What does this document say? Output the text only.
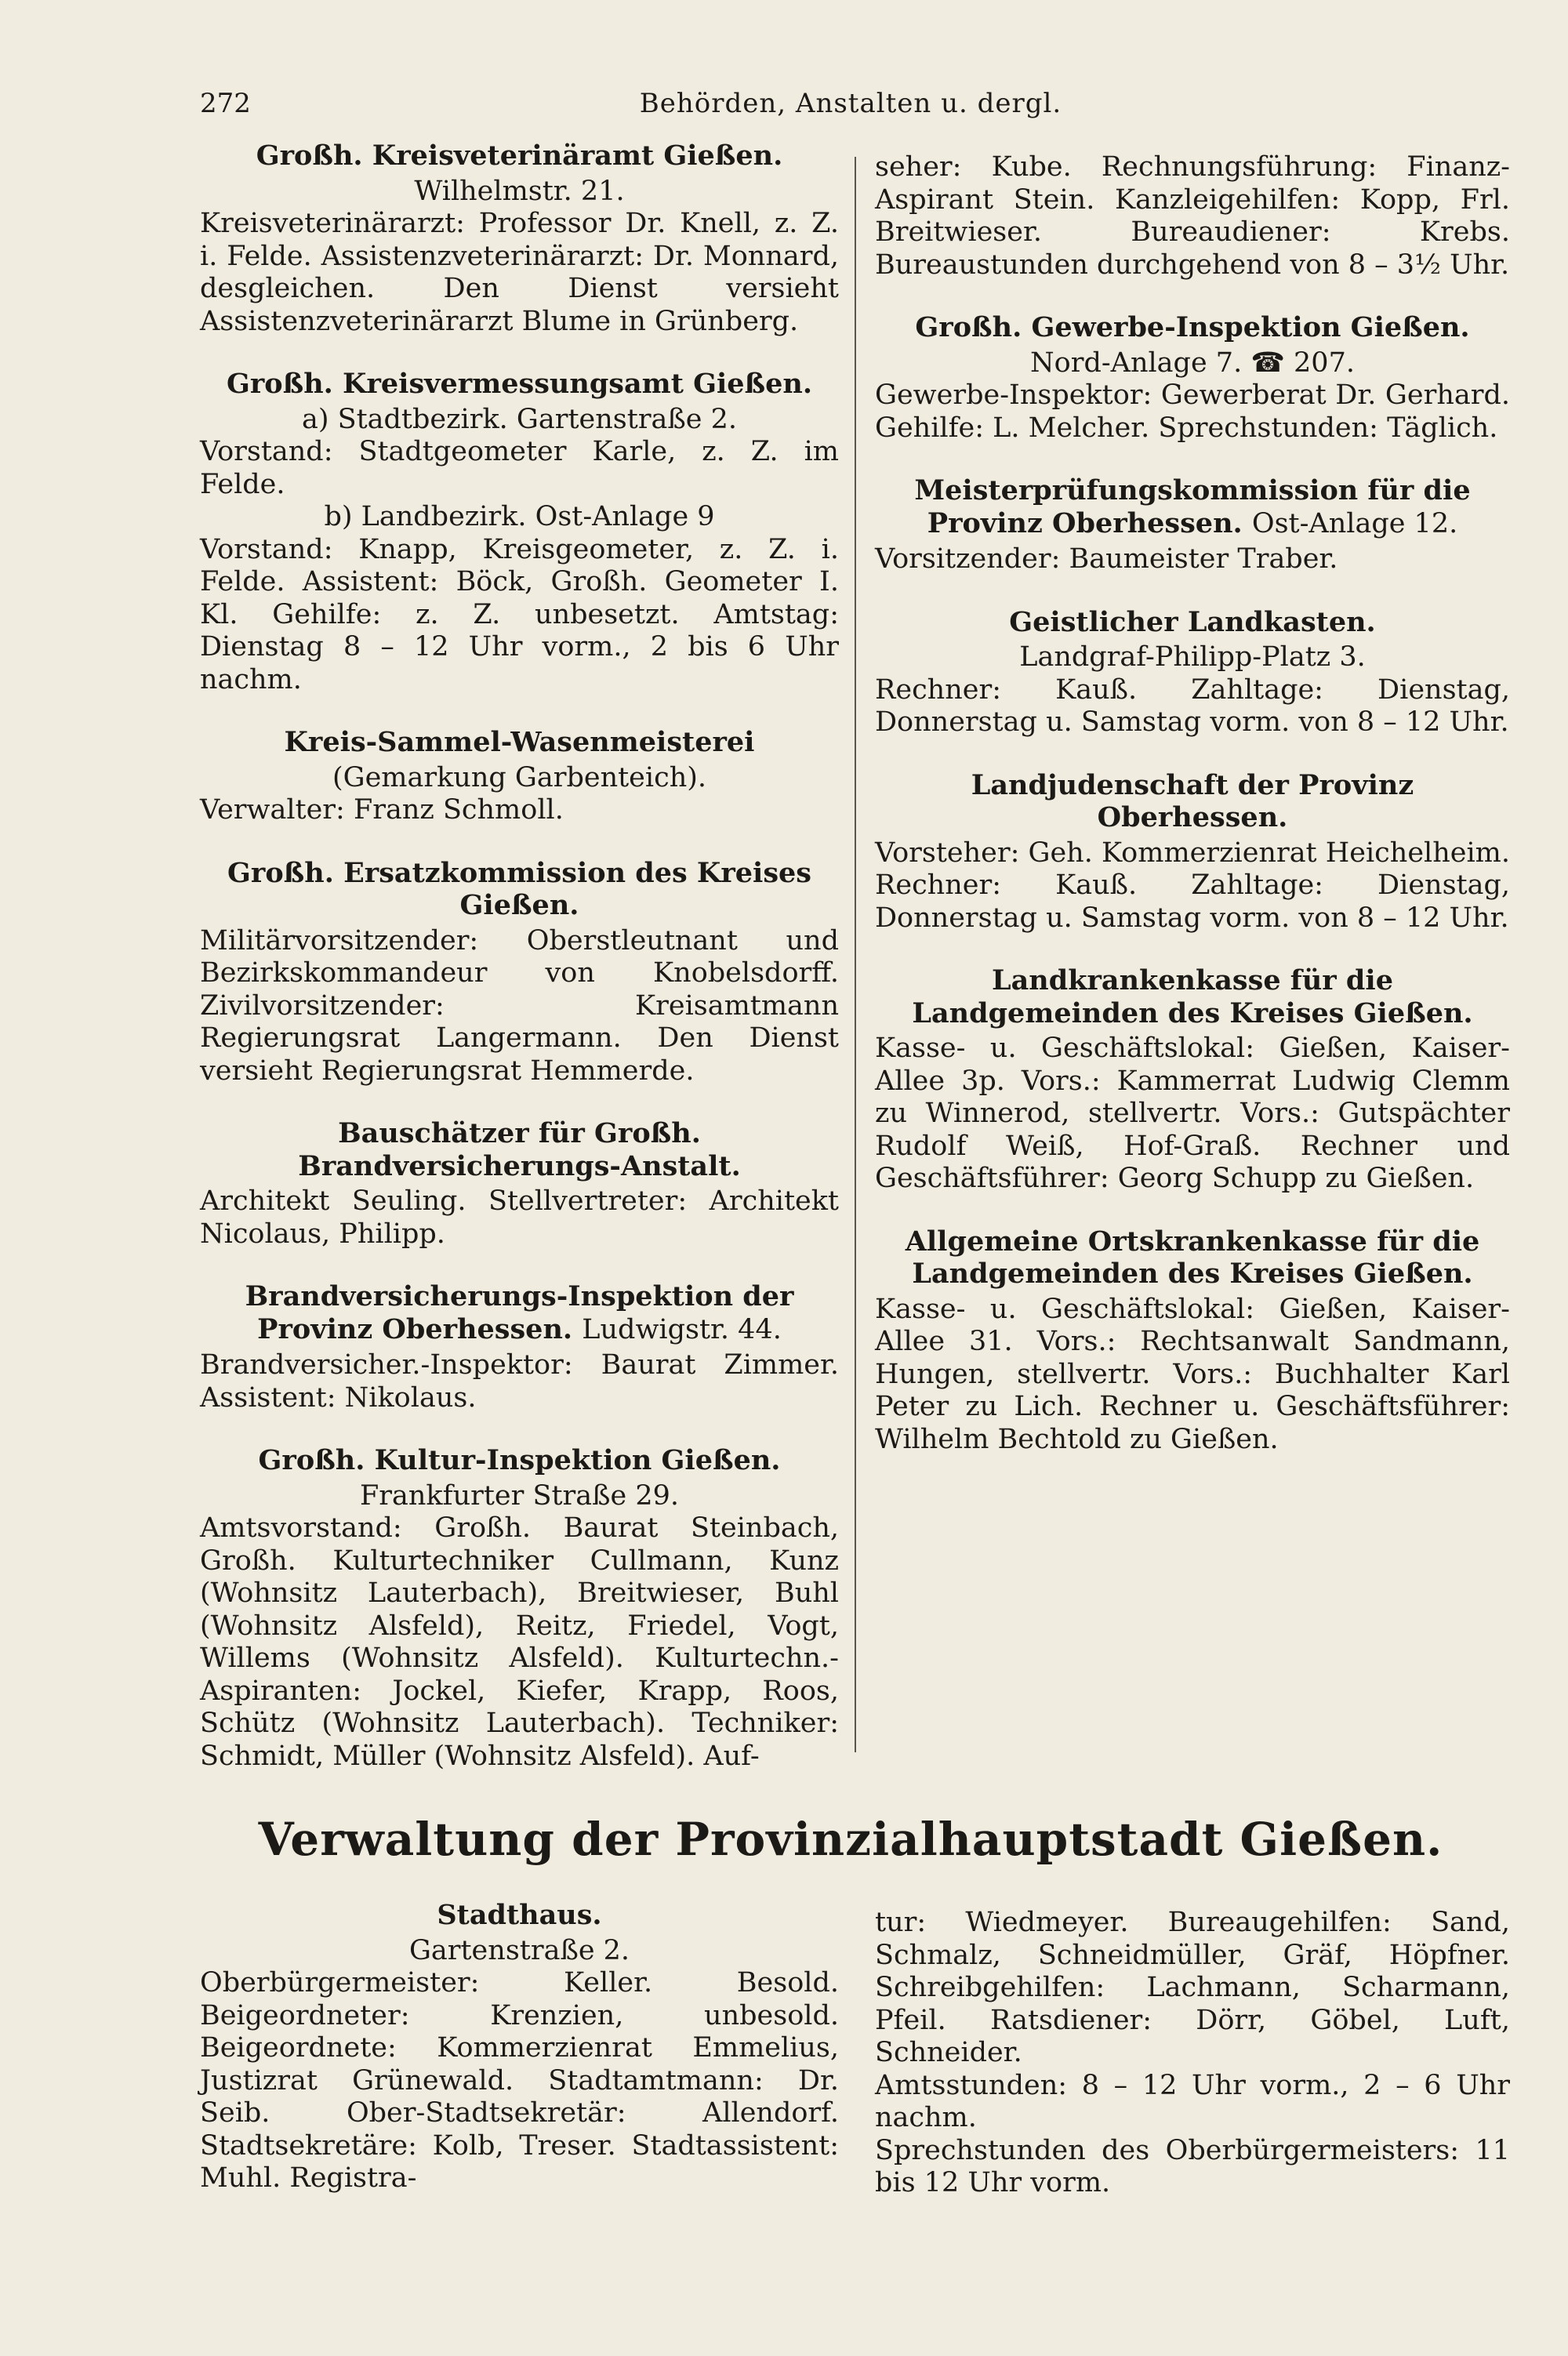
272	Behörden, Anstalten u. dergl.
Großh. Kreisveterinäramt Gießen.
Wilhelmstr. 21.

Kreisveterinärarzt: Professor Dr. Knell, z. Z. i. Felde. Assistenzveterinärarzt: Dr. Monnard, desgleichen. Den Dienst versieht Assistenzveterinärarzt Blume in Grünberg.

Großh. Kreisvermessungsamt Gießen.
a) Stadtbezirk. Gartenstraße 2.

Vorstand: Stadtgeometer Karle, z. Z. im Felde.

b) Landbezirk. Ost-Anlage 9

Vorstand: Knapp, Kreisgeometer, z. Z. i. Felde. Assistent: Böck, Großh. Geometer I. Kl. Gehilfe: z. Z. unbesetzt. Amtstag: Dienstag 8 – 12 Uhr vorm., 2 bis 6 Uhr nachm.

Kreis-Sammel-Wasenmeisterei
(Gemarkung Garbenteich).

Verwalter: Franz Schmoll.

Großh. Ersatzkommission des Kreises Gießen.

Militärvorsitzender: Oberstleutnant und Bezirkskommandeur von Knobelsdorff. Zivilvorsitzender: Kreisamtmann Regierungsrat Langermann. Den Dienst versieht Regierungsrat Hemmerde.

Bauschätzer für Großh. Brandversicherungs-Anstalt.

Architekt Seuling. Stellvertreter: Architekt Nicolaus, Philipp.

Brandversicherungs-Inspektion der Provinz Oberhessen. Ludwigstr. 44.

Brandversicher.-Inspektor: Baurat Zimmer. Assistent: Nikolaus.

Großh. Kultur-Inspektion Gießen.
Frankfurter Straße 29.

Amtsvorstand: Großh. Baurat Steinbach, Großh. Kulturtechniker Cullmann, Kunz (Wohnsitz Lauterbach), Breitwieser, Buhl (Wohnsitz Alsfeld), Reitz, Friedel, Vogt, Willems (Wohnsitz Alsfeld). Kulturtechn.-Aspiranten: Jockel, Kiefer, Krapp, Roos, Schütz (Wohnsitz Lauterbach). Techniker: Schmidt, Müller (Wohnsitz Alsfeld). Auf-

seher: Kube. Rechnungsführung: Finanz-Aspirant Stein. Kanzleigehilfen: Kopp, Frl. Breitwieser. Bureaudiener: Krebs. Bureaustunden durchgehend von 8 – 3½ Uhr.

Großh. Gewerbe-Inspektion Gießen.
Nord-Anlage 7. ☎ 207.

Gewerbe-Inspektor: Gewerberat Dr. Gerhard. Gehilfe: L. Melcher. Sprechstunden: Täglich.

Meisterprüfungskommission für die Provinz Oberhessen. Ost-Anlage 12.

Vorsitzender: Baumeister Traber.

Geistlicher Landkasten.
Landgraf-Philipp-Platz 3.

Rechner: Kauß. Zahltage: Dienstag, Donnerstag u. Samstag vorm. von 8 – 12 Uhr.

Landjudenschaft der Provinz Oberhessen.

Vorsteher: Geh. Kommerzienrat Heichelheim. Rechner: Kauß. Zahltage: Dienstag, Donnerstag u. Samstag vorm. von 8 – 12 Uhr.

Landkrankenkasse für die Landgemeinden des Kreises Gießen.

Kasse- u. Geschäftslokal: Gießen, Kaiser-Allee 3p. Vors.: Kammerrat Ludwig Clemm zu Winnerod, stellvertr. Vors.: Gutspächter Rudolf Weiß, Hof-Graß. Rechner und Geschäftsführer: Georg Schupp zu Gießen.

Allgemeine Ortskrankenkasse für die Landgemeinden des Kreises Gießen.

Kasse- u. Geschäftslokal: Gießen, Kaiser-Allee 31. Vors.: Rechtsanwalt Sandmann, Hungen, stellvertr. Vors.: Buchhalter Karl Peter zu Lich. Rechner u. Geschäftsführer: Wilhelm Bechtold zu Gießen.

Verwaltung der Provinzialhauptstadt Gießen.
Stadthaus.
Gartenstraße 2.

Oberbürgermeister: Keller. Besold. Beigeordneter: Krenzien, unbesold. Beigeordnete: Kommerzienrat Emmelius, Justizrat Grünewald. Stadtamtmann: Dr. Seib. Ober-Stadtsekretär: Allendorf. Stadtsekretäre: Kolb, Treser. Stadtassistent: Muhl. Registra-

tur: Wiedmeyer. Bureaugehilfen: Sand, Schmalz, Schneidmüller, Gräf, Höpfner. Schreibgehilfen: Lachmann, Scharmann, Pfeil. Ratsdiener: Dörr, Göbel, Luft, Schneider.

Amtsstunden: 8 – 12 Uhr vorm., 2 – 6 Uhr nachm.

Sprechstunden des Oberbürgermeisters: 11 bis 12 Uhr vorm.
